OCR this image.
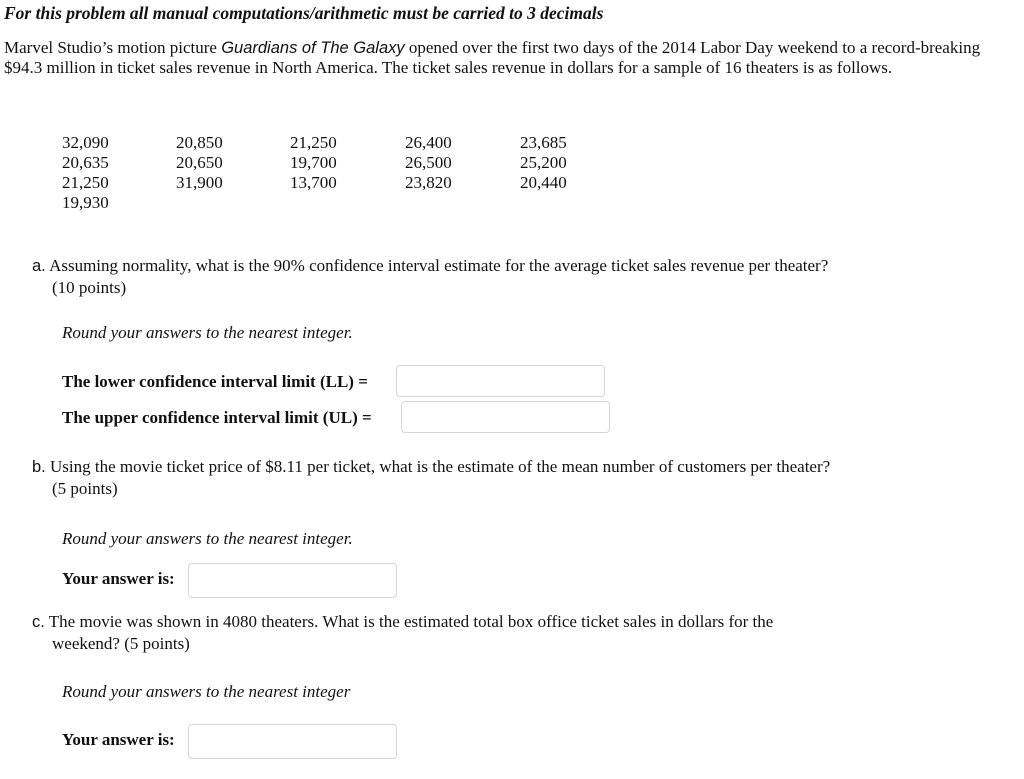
For this problem all manual computations/arithmetic must be carried to 3 decimals
Marvel Studio’s motion picture Guardians of The Galaxy opened over the first two days of the 2014 Labor Day weekend to a record-breaking $94.3 million in ticket sales revenue in North America. The ticket sales revenue in dollars for a sample of 16 theaters is as follows.
32,090
20,635
21,250
19,930
20,850
20,650
31,900
21,250
19,700
13,700
26,400
26,500
23,820
23,685
25,200
20,440
a. Assuming normality, what is the 90% confidence interval estimate for the average ticket sales revenue per theater?
(10 points)
Round your answers to the nearest integer.
The lower confidence interval limit (LL) =
The upper confidence interval limit (UL) =
b. Using the movie ticket price of $8.11 per ticket, what is the estimate of the mean number of customers per theater?
(5 points)
Round your answers to the nearest integer.
Your answer is:
c. The movie was shown in 4080 theaters. What is the estimated total box office ticket sales in dollars for the
weekend? (5 points)
Round your answers to the nearest integer
Your answer is:
